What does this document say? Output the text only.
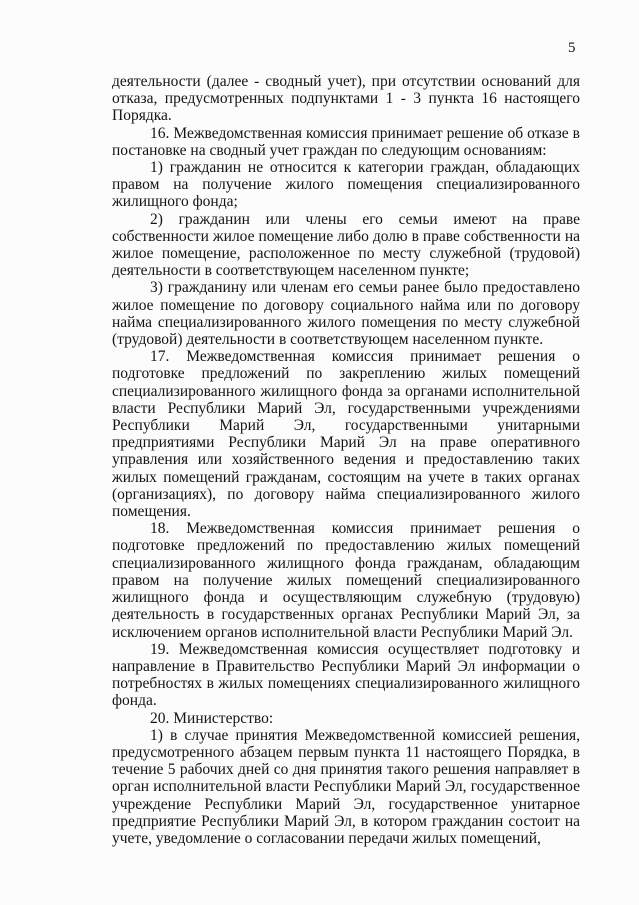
5

деятельности (далее - сводный учет), при отсутствии оснований для отказа, предусмотренных подпунктами 1 - 3 пункта 16 настоящего Порядка.

16. Межведомственная комиссия принимает решение об отказе в постановке на сводный учет граждан по следующим основаниям:

1) гражданин не относится к категории граждан, обладающих правом на получение жилого помещения специализированного жилищного фонда;

2) гражданин или члены его семьи имеют на праве собственности жилое помещение либо долю в праве собственности на жилое помещение, расположенное по месту служебной (трудовой) деятельности в соответствующем населенном пункте;

3) гражданину или членам его семьи ранее было предоставлено жилое помещение по договору социального найма или по договору найма специализированного жилого помещения по месту служебной (трудовой) деятельности в соответствующем населенном пункте.

17. Межведомственная комиссия принимает решения о подготовке предложений по закреплению жилых помещений специализированного жилищного фонда за органами исполнительной власти Республики Марий Эл, государственными учреждениями Республики Марий Эл, государственными унитарными предприятиями Республики Марий Эл на праве оперативного управления или хозяйственного ведения и предоставлению таких жилых помещений гражданам, состоящим на учете в таких органах (организациях), по договору найма специализированного жилого помещения.

18. Межведомственная комиссия принимает решения о подготовке предложений по предоставлению жилых помещений специализированного жилищного фонда гражданам, обладающим правом на получение жилых помещений специализированного жилищного фонда и осуществляющим служебную (трудовую) деятельность в государственных органах Республики Марий Эл, за исключением органов исполнительной власти Республики Марий Эл.

19. Межведомственная комиссия осуществляет подготовку и направление в Правительство Республики Марий Эл информации о потребностях в жилых помещениях специализированного жилищного фонда.

20. Министерство:

1) в случае принятия Межведомственной комиссией решения, предусмотренного абзацем первым пункта 11 настоящего Порядка, в течение 5 рабочих дней со дня принятия такого решения направляет в орган исполнительной власти Республики Марий Эл, государственное учреждение Республики Марий Эл, государственное унитарное предприятие Республики Марий Эл, в котором гражданин состоит на учете, уведомление о согласовании передачи жилых помещений,
